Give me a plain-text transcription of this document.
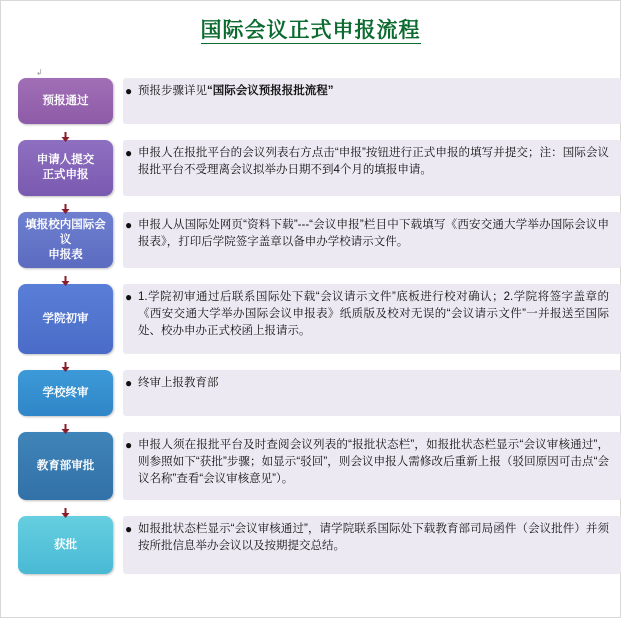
国际会议正式申报流程
↲
预报通过
● 预报步骤详见“国际会议预报报批流程”
申请人提交
正式申报
● 申报人在报批平台的会议列表右方点击“申报”按钮进行正式申报的填写并提交；注：国际会议报批平台不受理离会议拟举办日期不到4个月的填报申请。
填报校内国际会议
申报表
● 申报人从国际处网页“资料下载”---“会议申报”栏目中下载填写《西安交通大学举办国际会议申报表》，打印后学院签字盖章以备申办学校请示文件。
学院初审
● 1.学院初审通过后联系国际处下载“会议请示文件”底板进行校对确认；2.学院将签字盖章的《西安交通大学举办国际会议申报表》纸质版及校对无误的“会议请示文件”一并报送至国际处、校办申办正式校函上报请示。
学校终审
● 终审上报教育部
教育部审批
● 申报人须在报批平台及时查阅会议列表的“报批状态栏”，如报批状态栏显示“会议审核通过”，则参照如下“获批”步骤；如显示“驳回”，则会议申报人需修改后重新上报（驳回原因可击点“会议名称”查看“会议审核意见”）。
获批
● 如报批状态栏显示“会议审核通过”，请学院联系国际处下载教育部司局函件（会议批件）并须按所批信息举办会议以及按期提交总结。
